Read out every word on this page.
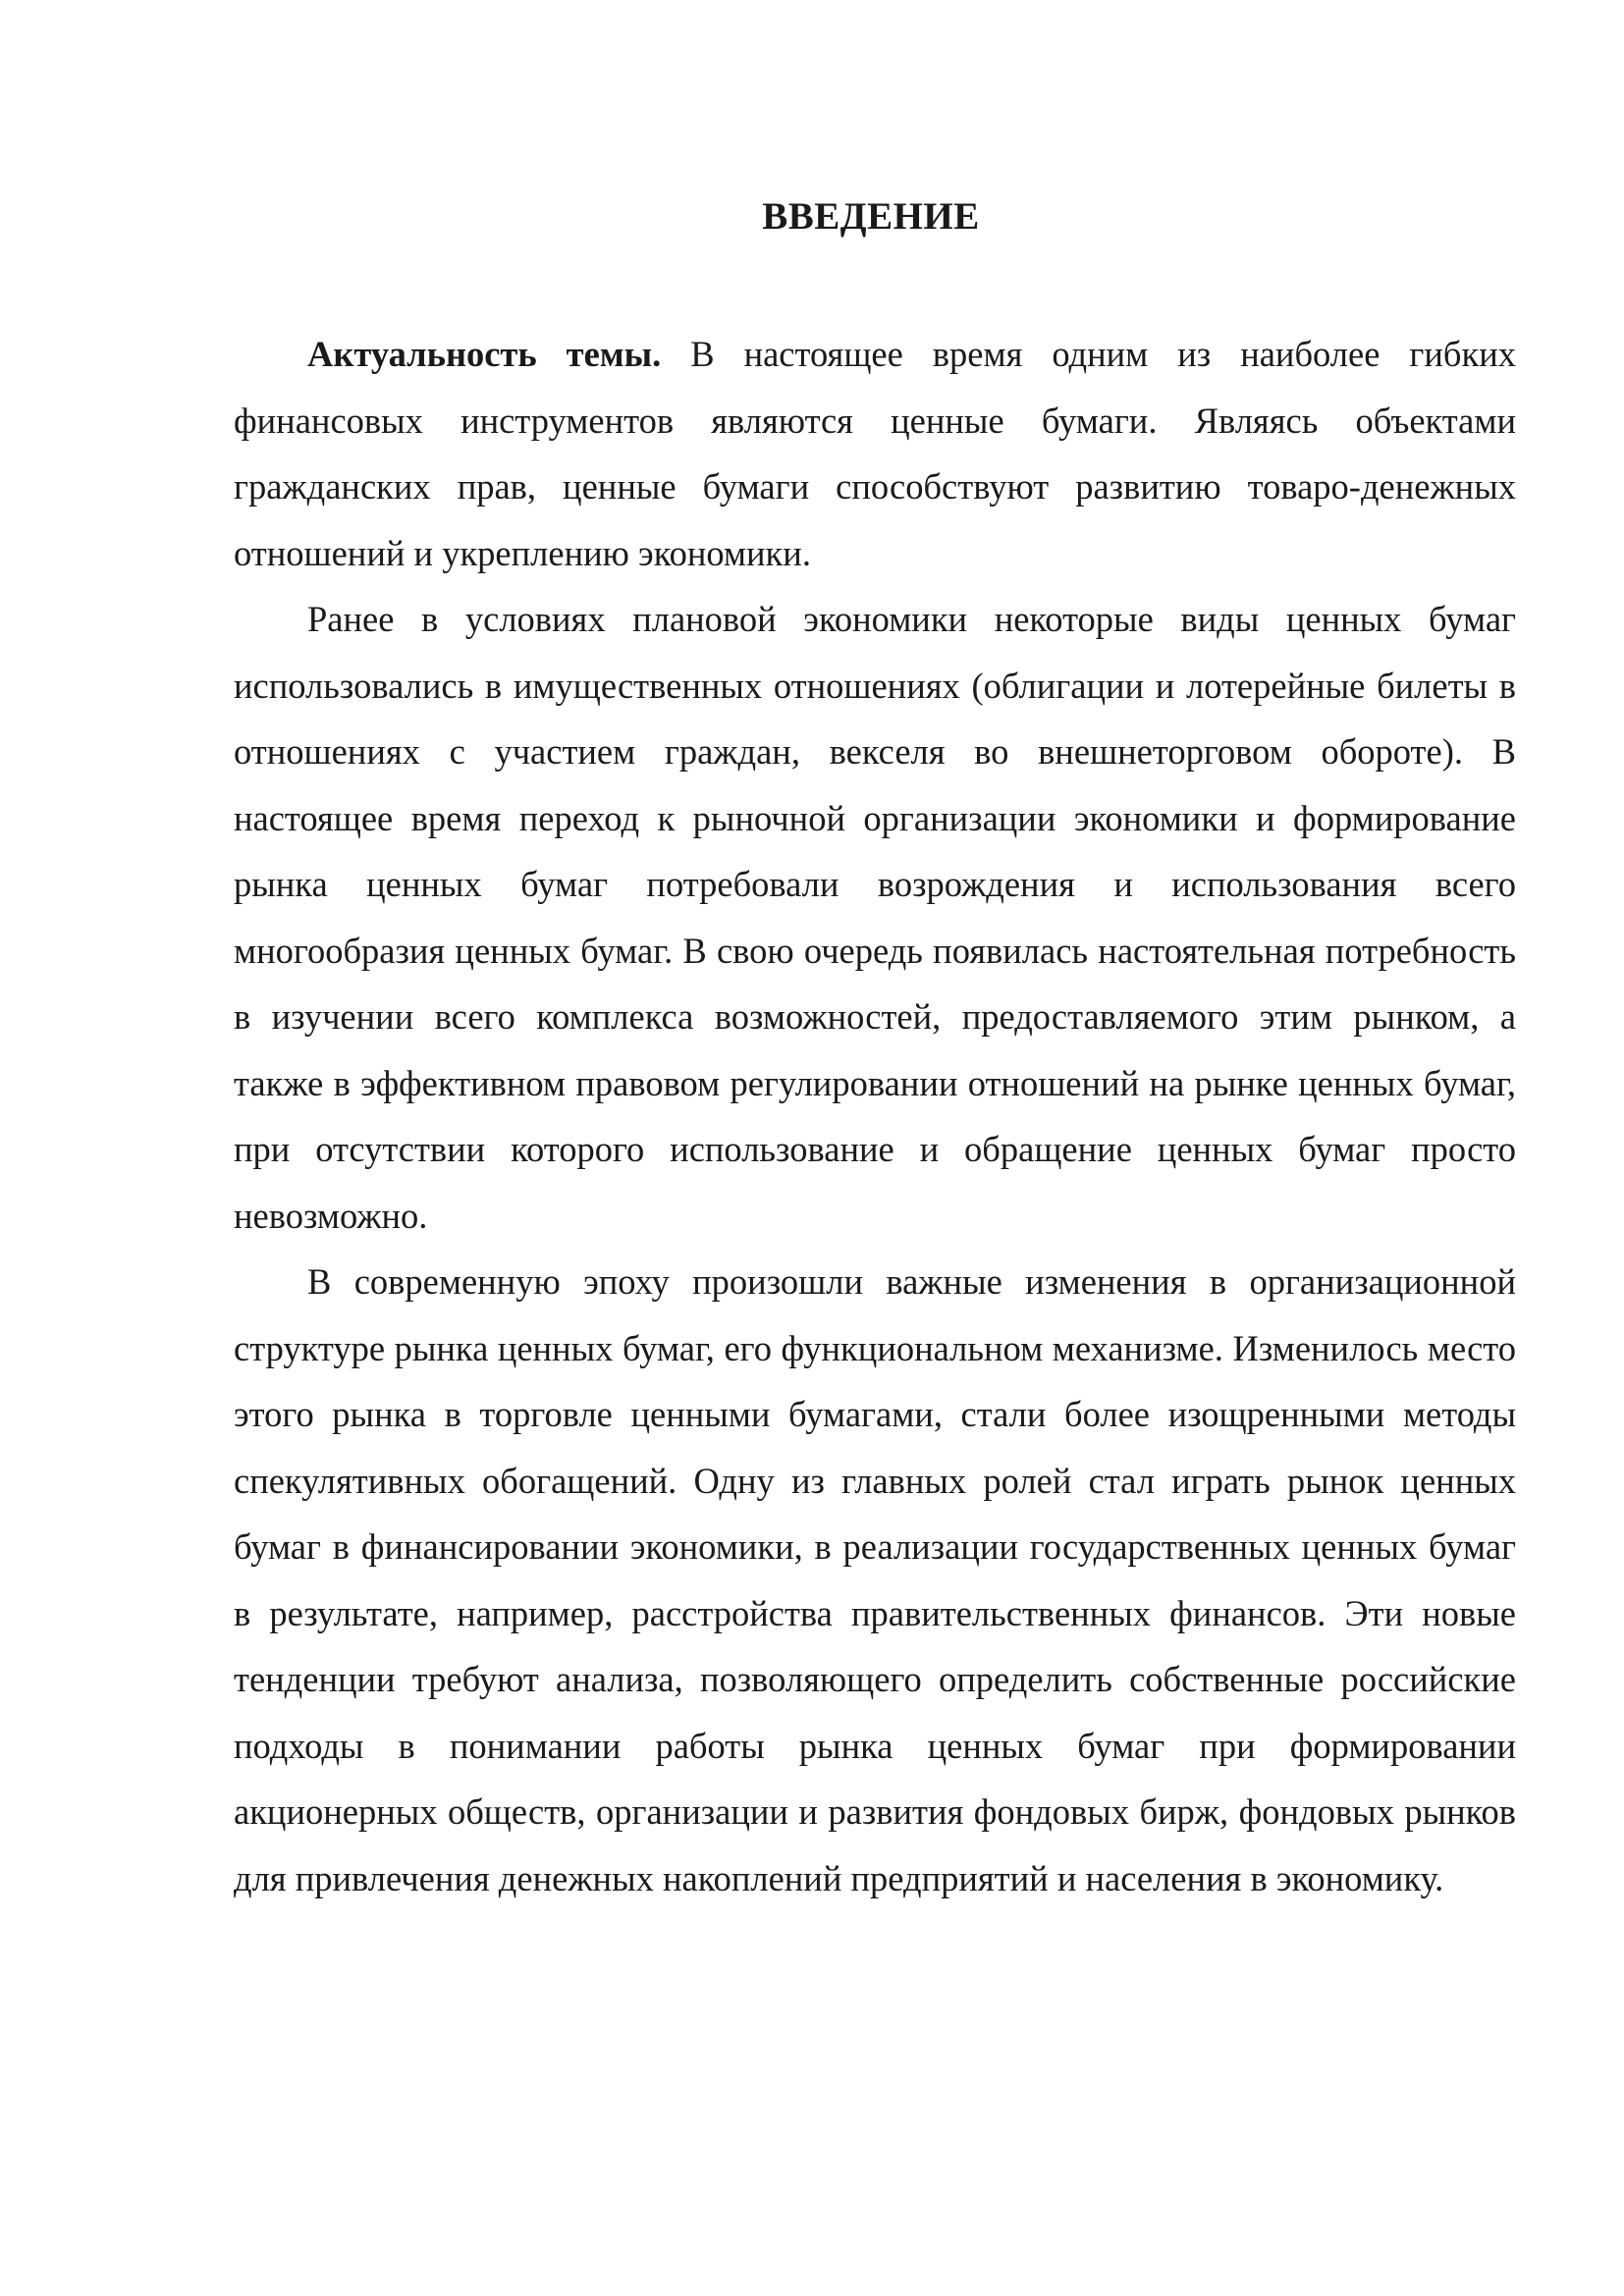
ВВЕДЕНИЕ

Актуальность темы. В настоящее время одним из наиболее гибких финансовых инструментов являются ценные бумаги. Являясь объектами гражданских прав, ценные бумаги способствуют развитию товаро-денежных отношений и укреплению экономики.

Ранее в условиях плановой экономики некоторые виды ценных бумаг использовались в имущественных отношениях (облигации и лотерейные билеты в отношениях с участием граждан, векселя во внешнеторговом обороте). В настоящее время переход к рыночной организации экономики и формирование рынка ценных бумаг потребовали возрождения и использования всего многообразия ценных бумаг. В свою очередь появилась настоятельная потребность в изучении всего комплекса возможностей, предоставляемого этим рынком, а также в эффективном правовом регулировании отношений на рынке ценных бумаг, при отсутствии которого использование и обращение ценных бумаг просто невозможно.

В современную эпоху произошли важные изменения в организационной структуре рынка ценных бумаг, его функциональном механизме. Изменилось место этого рынка в торговле ценными бумагами, стали более изощренными методы спекулятивных обогащений. Одну из главных ролей стал играть рынок ценных бумаг в финансировании экономики, в реализации государственных ценных бумаг в результате, например, расстройства правительственных финансов. Эти новые тенденции требуют анализа, позволяющего определить собственные российские подходы в понимании работы рынка ценных бумаг при формировании акционерных обществ, организации и развития фондовых бирж, фондовых рынков для привлечения денежных накоплений предприятий и населения в экономику.
